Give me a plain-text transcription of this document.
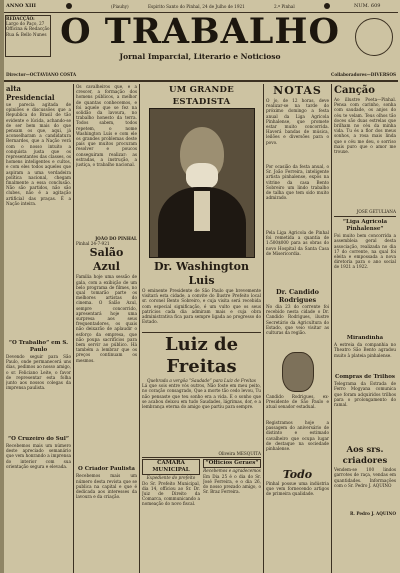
ANNO XIII	(Piauhy)	Espirito Santo do Pinhal, 24 de Julho de 1921	2.ª Pinhal	NUM. 609
REDACÇÃO:
Largo do Paço, 27
Officina & Redacção
Rua & Bello Nunes O TRABALHO
Jornal Imparcial, Literario e Noticioso
Director—OCTAVIANO COSTA	Collaboradores—DIVERSOS
alta Presidencial
ue parecia agitada de opiniões e discussões que a Republica do Brasil de tão evidente e lúcida, achando-se de ser bem mais do que pensam os que, aqui, já aconselharam a candidatura Bernardes, que a Nação verá com o nosso intuito a conquista justa que os representantes das classes, os homens inteligentes e cultos, e com eles todos aqueles que aspiram a uma verdadeira política nacional, chegam finalmente a essa conclusão. Não são partidos, não são clubes, não é a agitação artificial das praças. É a Nação inteira.
“O Trabalho” em S. Paulo
Devendo seguir para São Paulo, onde permanecerá uns dias, pedimos ao nosso amigo, o sr. Feliciano Leite, o favor de representar esta folha junto aos nossos colegas da imprensa paulista.
“O Cruzeiro do Sul”
Recebemos mais um número deste apreciado semanário que vem honrando a imprensa do interior com sua orientação segura e elevada.
Os cavalheiros que, e a crescer, a formação dos homens públicos, a melhor de quantas conhecemos, e foi aquele que se fez na solidão da lavoura, no trabalho honesto da terra. Todos sabem, todos repetem, o nome Washington Luís e com ele os grandes problemas deste país que muitos procuram resolver e poucos conseguiram realizar: as estradas, a instrução, a justiça, o trabalho nacional.
JOÃO DO PINHAL
Pinhal 24-7-921
Salão Azul
Familia hoje uma sessão de gala, com a exibição de um belo programa de filmes, no qual tomarão parte os melhores artistas do cinema. O Salão Azul, sempre concorrido, apresentará hoje uma surpresa aos seus frequentadores, os quais não deixarão de aplaudir o esforço da empresa, que não poupa sacrifícios para bem servir ao público. Há também a lembrar que os preços continuam os mesmos.
O Criador Paulista
Recebemos mais um número desta revista que se publica na capital e que é dedicada aos interesses da lavoura e da criação.
UM GRANDE ESTADISTA
Dr. Washington Luis
O eminente Presidente de São Paulo que brevemente visitará esta cidade, a convite do Ilustre Prefeito local sr. coronel Bento Sobreiro, e cuja visita será recebida com especial significação, é um vulto que os seus patrícios cada dia admiram mais e cuja obra administrativa fica para sempre ligada ao progresso do Estado.
Luiz de Freitas
Quebrada a vergôa “Saudade” para Luiz de Freitas
Lá que sois entre vós outros, Não foste em meu peito, no coração consagrado, Que a morte tão cedo levou, Tu não pensaste que teu sonho era a vida. E o sonho que se acabou deixou em tudo Saudades, lágrimas, dor, e a lembrança eterna do amigo que partiu para sempre.
Oliveira MESQUITA
CAMARA MUNICIPAL
Expediente do prefeito
Do Sr. Prefeito Municipal, dia 14, officiou ao Sr. Dr. Juiz de Direito da Comarca, communicando a nomeação do novo fiscal.
“Officios Geraes”
Recebemos e agradecemos
Em Dia 25 é o dia do Sr. José Ferreira, e o dia 26, do nosso prezado amigo, o Sr. Braz Ferreira.
NOTAS
O jo, de 12 horas, deve realizar-se na tarde do próximo domingo a festa anual da Liga Agricola Pinhalense, que promete estar muito concorrida. Haverá bandas de música, leilões e diversões para o povo.
Por ocasião da festa anual, o Sr. João Ferreira, inteligente artista pinhalense, expôs na vitrine da casa Bento Sobreiro um lindo trabalho de talha que tem sido muito admirado.
Pela Liga Agricola de Pinhal foi remetida a quantia de 1:500$000 para as obras do novo Hospital da Santa Casa de Misericordia.
Dr. Candido Rodrigues
No dia 23 do corrente foi recebido nesta cidade o Dr. Candido Rodrigues, ilustre Secretário da Agricultura do Estado, que veio visitar as culturas da região.
Candido Rodrigues, ex-Presidente de São Paulo e atual senador estadual.
Registramos hoje a passagem do aniversário de distinto e estimado cavalheiro que ocupa lugar de destaque na sociedade pinhalense.
Todo
Pinhal possue uma indústria que vem fornecendo artigos de primeira qualidade.
Canção
Ao illustre Poeta—Pinhal. Pensa com carinho, sonha com saudade, os anjos do céu te velam. Teus olhos tão doces são duas estrelas que brilham no céu da minha vida. Tu és a flor dos meus sonhos, a rosa mais linda que o céu me deu, o sorriso mais puro que o amor me trouxe.
JOSÉ GETULIANA
“Liga Agricola Pinhalense”
Foi muito bem concorrida a assembleia geral desta associação, realizada no dia 17 do corrente, na qual foi eleita e empossada a nova diretoria para o ano social de 1921 a 1922.
Mirandinha
A estreia da companhia no Theatro São Bento agradou muito à plateia pinhalense.
Compras de Trilhos
Telegrama da Estrada de Ferro Mogyana comunica que foram adquiridos trilhos para o prolongamento do ramal.
Aos srs. criadores
Vendem-se 100 lindos garrotes de raça, vendas em quantidades. Informações com o Sr. Pedro J. AQUINO
R. Pedro J. AQUINO
